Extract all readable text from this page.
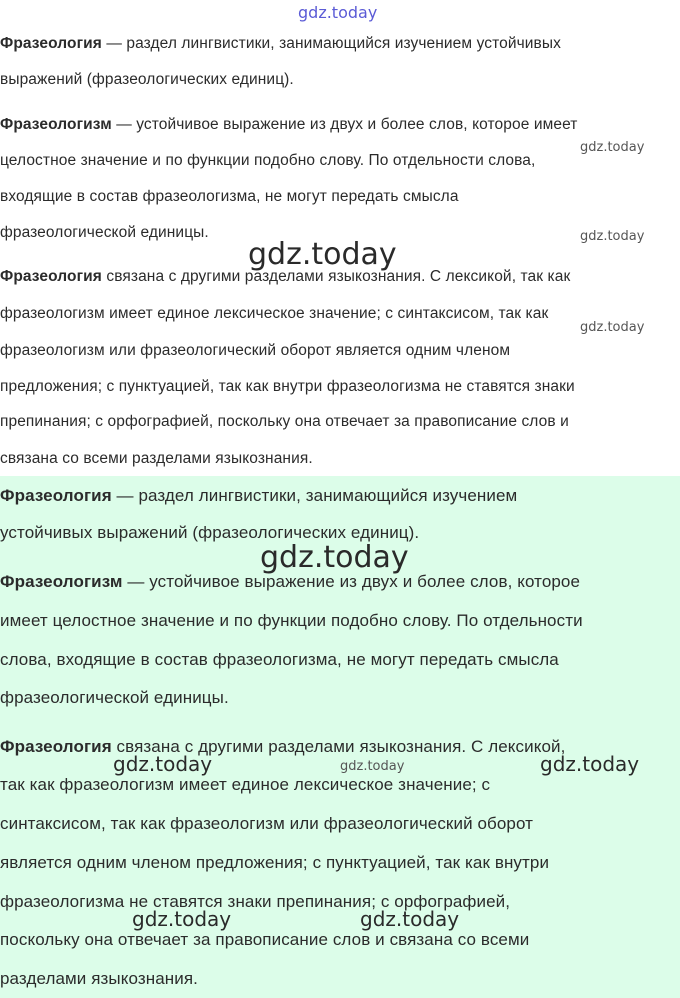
Фразеология — раздел лингвистики, занимающийся изучением устойчивых
выражений (фразеологических единиц).
Фразеологизм — устойчивое выражение из двух и более слов, которое имеет
целостное значение и по функции подобно слову. По отдельности слова,
входящие в состав фразеологизма, не могут передать смысла
фразеологической единицы.
Фразеология связана с другими разделами языкознания. С лексикой, так как
фразеологизм имеет единое лексическое значение; с синтаксисом, так как
фразеологизм или фразеологический оборот является одним членом
предложения; с пунктуацией, так как внутри фразеологизма не ставятся знаки
препинания; с орфографией, поскольку она отвечает за правописание слов и
связана со всеми разделами языкознания.
Фразеология — раздел лингвистики, занимающийся изучением
устойчивых выражений (фразеологических единиц).
Фразеологизм — устойчивое выражение из двух и более слов, которое
имеет целостное значение и по функции подобно слову. По отдельности
слова, входящие в состав фразеологизма, не могут передать смысла
фразеологической единицы.
Фразеология связана с другими разделами языкознания. С лексикой,
так как фразеологизм имеет единое лексическое значение; с
синтаксисом, так как фразеологизм или фразеологический оборот
является одним членом предложения; с пунктуацией, так как внутри
фразеологизма не ставятся знаки препинания; с орфографией,
поскольку она отвечает за правописание слов и связана со всеми
разделами языкознания.
gdz.today
gdz.today
gdz.today
gdz.today
gdz.today
gdz.today
gdz.today	gdz.today	gdz.today
gdz.today	gdz.today
